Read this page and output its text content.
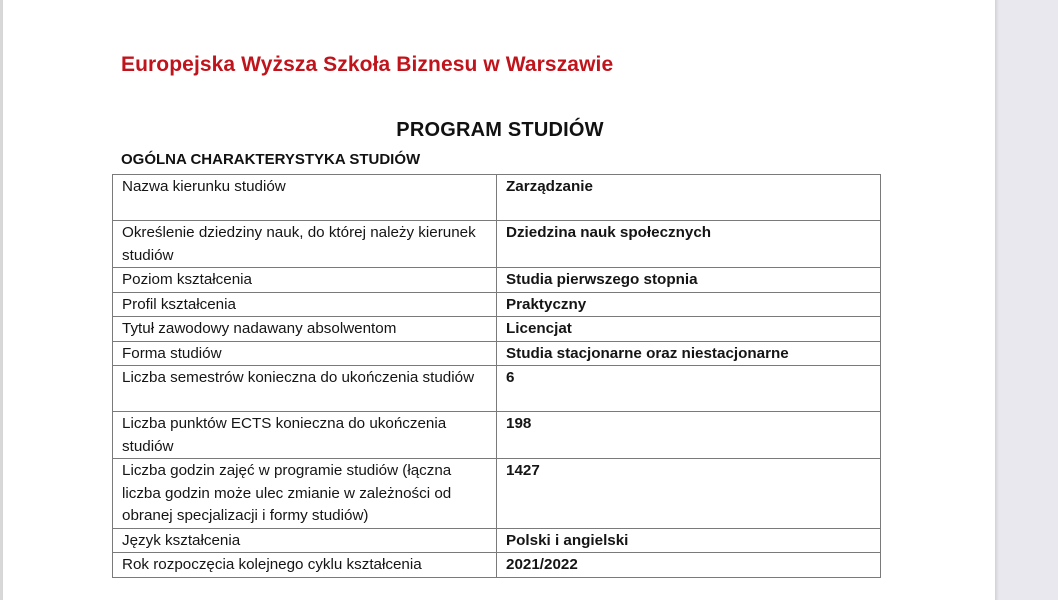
Europejska Wyższa Szkoła Biznesu w Warszawie
PROGRAM STUDIÓW
OGÓLNA CHARAKTERYSTYKA STUDIÓW
Nazwa kierunku studiów	Zarządzanie
Określenie dziedziny nauk, do której należy kierunek studiów	Dziedzina nauk społecznych
Poziom kształcenia	Studia pierwszego stopnia
Profil kształcenia	Praktyczny
Tytuł zawodowy nadawany absolwentom	Licencjat
Forma studiów	Studia stacjonarne oraz niestacjonarne
Liczba semestrów konieczna do ukończenia studiów	6
Liczba punktów ECTS konieczna do ukończenia studiów	198
Liczba godzin zajęć w programie studiów (łączna liczba godzin może ulec zmianie w zależności od obranej specjalizacji i formy studiów)	1427
Język kształcenia	Polski i angielski
Rok rozpoczęcia kolejnego cyklu kształcenia	2021/2022
